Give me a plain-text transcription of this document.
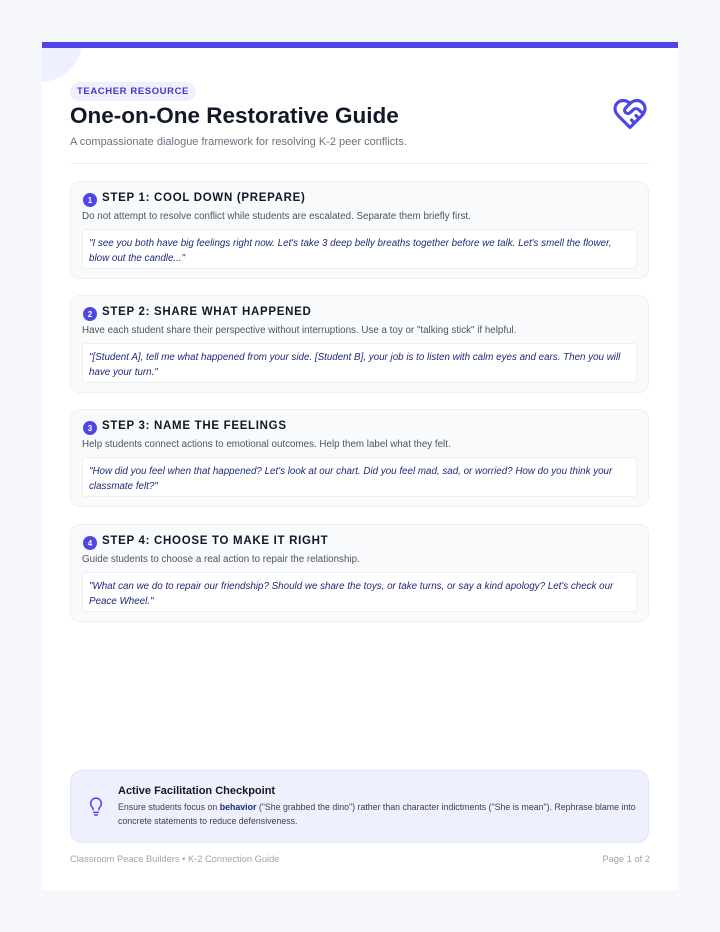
TEACHER RESOURCE
One-on-One Restorative Guide

A compassionate dialogue framework for resolving K-2 peer conflicts.

1 STEP 1: COOL DOWN (PREPARE)
Do not attempt to resolve conflict while students are escalated. Separate them briefly first.
"I see you both have big feelings right now. Let's take 3 deep belly breaths together before we talk. Let's smell the flower, blow out the candle..."
2 STEP 2: SHARE WHAT HAPPENED
Have each student share their perspective without interruptions. Use a toy or "talking stick" if helpful.
"[Student A], tell me what happened from your side. [Student B], your job is to listen with calm eyes and ears. Then you will have your turn."
3 STEP 3: NAME THE FEELINGS
Help students connect actions to emotional outcomes. Help them label what they felt.
"How did you feel when that happened? Let's look at our chart. Did you feel mad, sad, or worried? How do you think your classmate felt?"
4 STEP 4: CHOOSE TO MAKE IT RIGHT
Guide students to choose a real action to repair the relationship.
"What can we do to repair our friendship? Should we share the toys, or take turns, or say a kind apology? Let's check our Peace Wheel."
Active Facilitation Checkpoint
Ensure students focus on behavior ("She grabbed the dino") rather than character indictments ("She is mean"). Rephrase blame into concrete statements to reduce defensiveness.
Classroom Peace Builders • K-2 Connection Guide	Page 1 of 2
